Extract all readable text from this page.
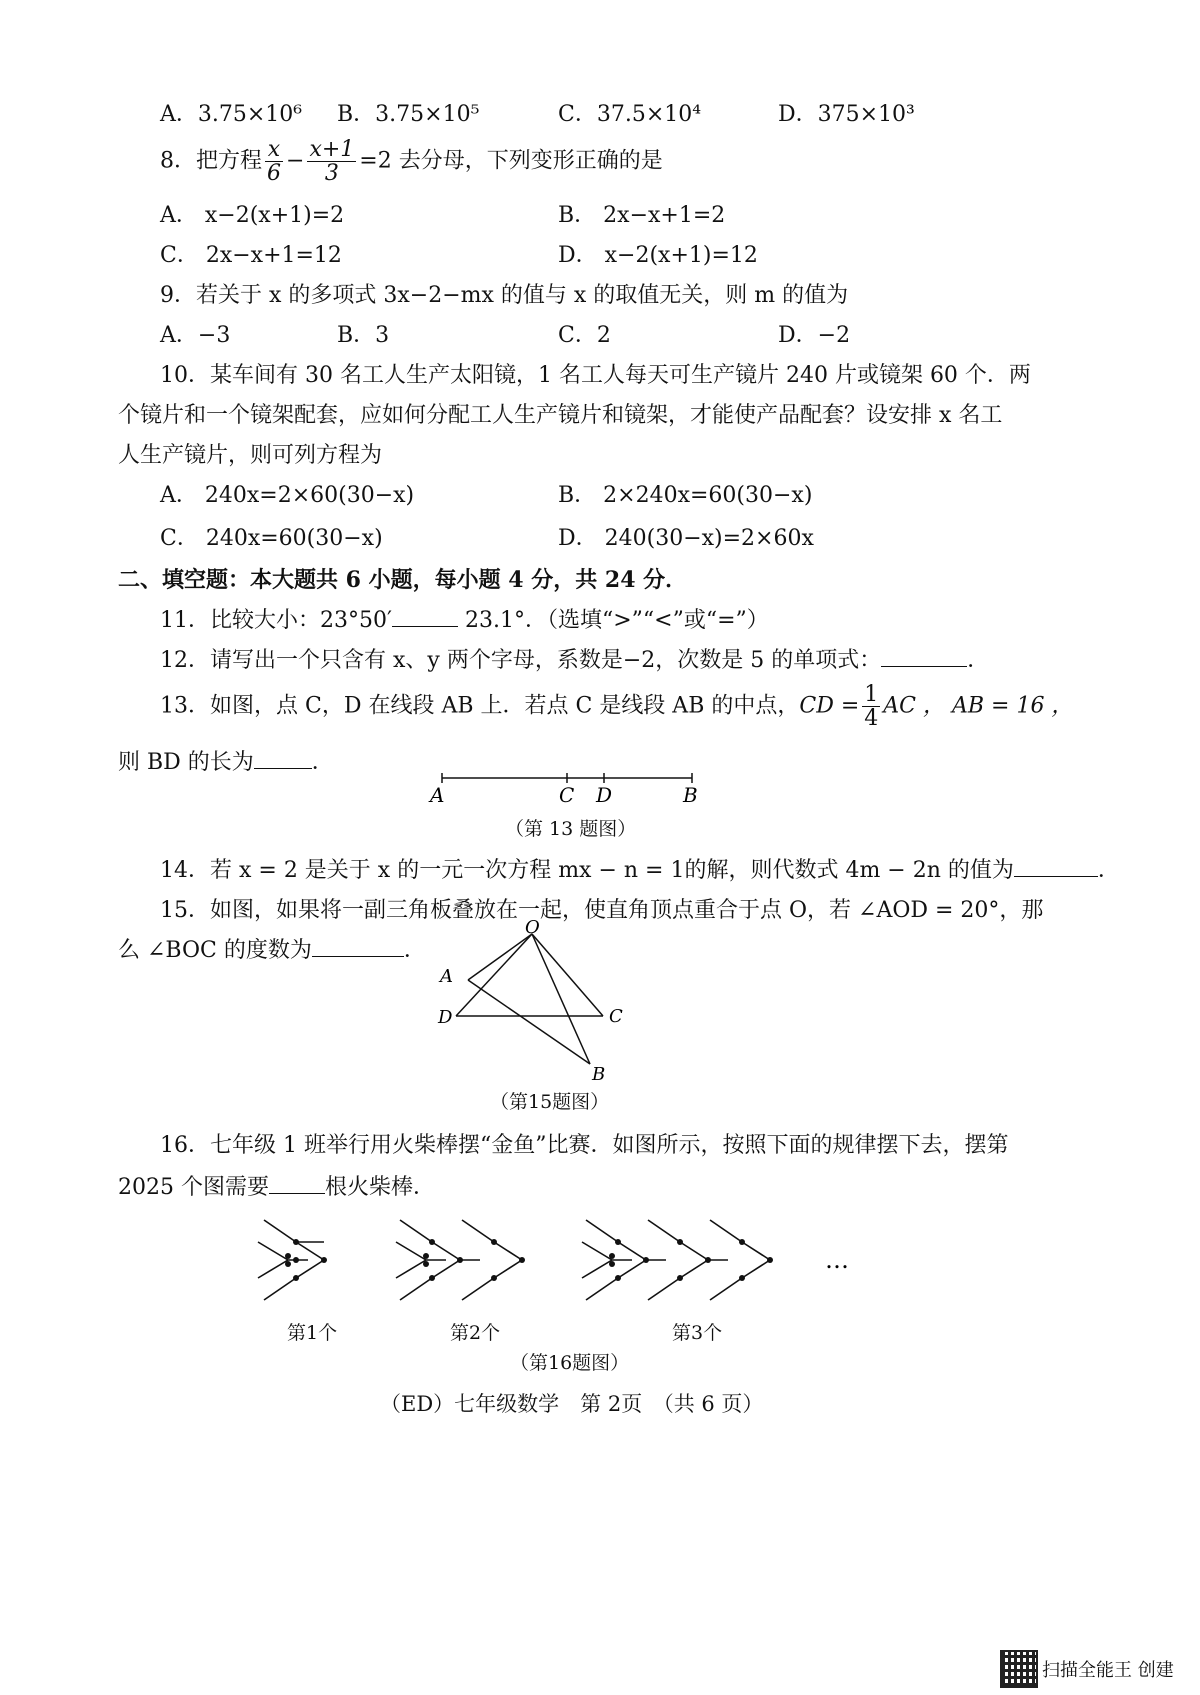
A．3.75×10⁶ B．3.75×10⁵	C．37.5×10⁴	D．375×10³
8．把方程 $\frac{x}{6} - \frac{x+1}{3} =2$ 去分母，下列变形正确的是
A． x−2(x+1)=2	B． 2x−x+1=2
C． 2x−x+1=12	D． x−2(x+1)=12
9．若关于 x 的多项式 3x−2−mx 的值与 x 的取值无关，则 m 的值为
A．−3	B．3	C．2	D．−2
10．某车间有 30 名工人生产太阳镜，1 名工人每天可生产镜片 240 片或镜架 60 个．两
个镜片和一个镜架配套，应如何分配工人生产镜片和镜架，才能使产品配套？设安排 x 名工
人生产镜片，则可列方程为
A． 240x=2×60(30−x)	B． 2×240x=60(30−x)
C． 240x=60(30−x)	D． 240(30−x)=2×60x
二、填空题：本大题共 6 小题，每小题 4 分，共 24 分．
11．比较大小：23°50′	23.1°．（选填“>”“<”或“=”）
12．请写出一个只含有 x、y 两个字母，系数是−2，次数是 5 的单项式：	．
13．如图，点 C，D 在线段 AB 上．若点 C 是线段 AB 的中点，CD = $\frac{1}{4}$ AC ， AB = 16 ，
则 BD 的长为	．
A	C D	B
（第 13 题图）
14．若 x = 2 是关于 x 的一元一次方程 mx − n = 1的解，则代数式 4m − 2n 的值为	．
15．如图，如果将一副三角板叠放在一起，使直角顶点重合于点 O，若 ∠AOD = 20°，那
么 ∠BOC 的度数为	．
O
A
D	C
B
（第15题图）
16．七年级 1 班举行用火柴棒摆“金鱼”比赛．如图所示，按照下面的规律摆下去，摆第
2025 个图需要	根火柴棒．
…
第1个	第2个	第3个
（第16题图）
（ED）七年级数学　第 2页　（共 6 页）
扫描全能王 创建
